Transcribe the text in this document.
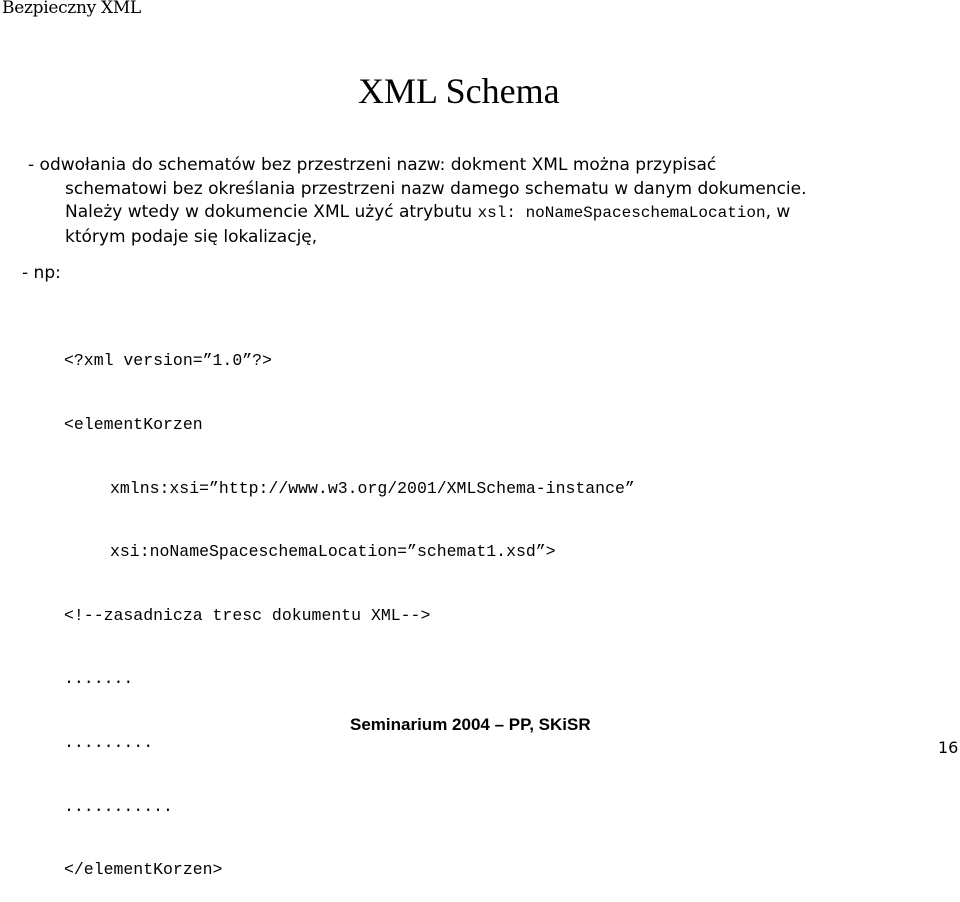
Bezpieczny XML
XML Schema

- odwołania do schematów bez przestrzeni nazw: dokment XML można przypisać

schematowi bez określania przestrzeni nazw damego schematu w danym dokumencie.

Należy wtedy w dokumencie XML użyć atrybutu xsl: noNameSpaceschemaLocation, w

którym podaje się lokalizację,

- np:

<?xml version=”1.0”?>

<elementKorzen

xmlns:xsi=”http://www.w3.org/2001/XMLSchema-instance”

xsi:noNameSpaceschemaLocation=”schemat1.xsd”>

<!--zasadnicza tresc dokumentu XML-->

.......

.........

...........

</elementKorzen>

Seminarium 2004 – PP, SKiSR
16
